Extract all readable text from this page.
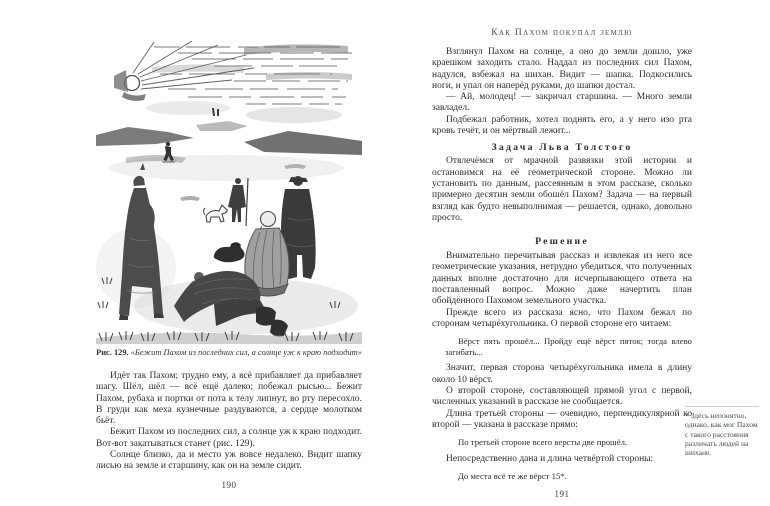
Рис. 129. «Бежит Пахом из последних сил, а солнце уж к краю подходит»

Идёт так Пахом; трудно ему, а всё прибавляет да прибавляет шагу. Шёл, шёл — всё ещё далеко; побежал рысью... Бежит Пахом, рубаха и портки от пота к телу липнут, во рту пересохло. В груди как меха кузнечные раздуваются, а сердце молотком бьёт.

Бежит Пахом из последних сил, а солнце уж к краю подходит. Вот-вот закатываться станет (рис. 129).

Солнце близко, да и место уж вовсе недалеко. Видит шапку лисью на земле и старшину, как он на земле сидит.

190
Как Пахом покупал землю

Взглянул Пахом на солнце, а оно до земли дошло, уже краешком заходить стало. Наддал из последних сил Пахом, надулся, взбежал на шихан. Видит — шапка. Подкосились ноги, и упал он наперёд руками, до шапки достал.

— Ай, молодец! — закричал старшина. — Много земли завладел.

Подбежал работник, хотел поднять его, а у него изо рта кровь течёт, и он мёртвый лежит...

Задача Льва Толстого

Отвлечёмся от мрачной развязки этой истории и остановимся на её геометрической стороне. Можно ли установить по данным, рассеянным в этом рассказе, сколько примерно десятин земли обошёл Пахом? Задача — на первый взгляд как будто невыполнимая — решается, однако, довольно просто.

Решение

Внимательно перечитывая рассказ и извлекая из него все геометрические указания, нетрудно убедиться, что полученных данных вполне достаточно для исчерпывающего ответа на поставленный вопрос. Можно даже начертить план обойдённого Пахомом земельного участка.

Прежде всего из рассказа ясно, что Пахом бежал по сторонам четырёхугольника. О первой стороне его читаем:

Вёрст пять прошёл... Пройду ещё вёрст пяток; тогда влево загибать...

Значит, первая сторона четырёхугольника имела в длину около 10 вёрст.

О второй стороне, составляющей прямой угол с первой, численных указаний в рассказе не сообщается.

Длина третьей стороны — очевидно, перпендикулярной ко второй — указана в рассказе прямо:

По третьей стороне всего версты две прошёл.

Непосредственно дана и длина четвёртой стороны:

До места всё те же вёрст 15*.

191
* Здесь непонятно, однако, как мог Пахом с такого расстояния различать людей на шихане.
